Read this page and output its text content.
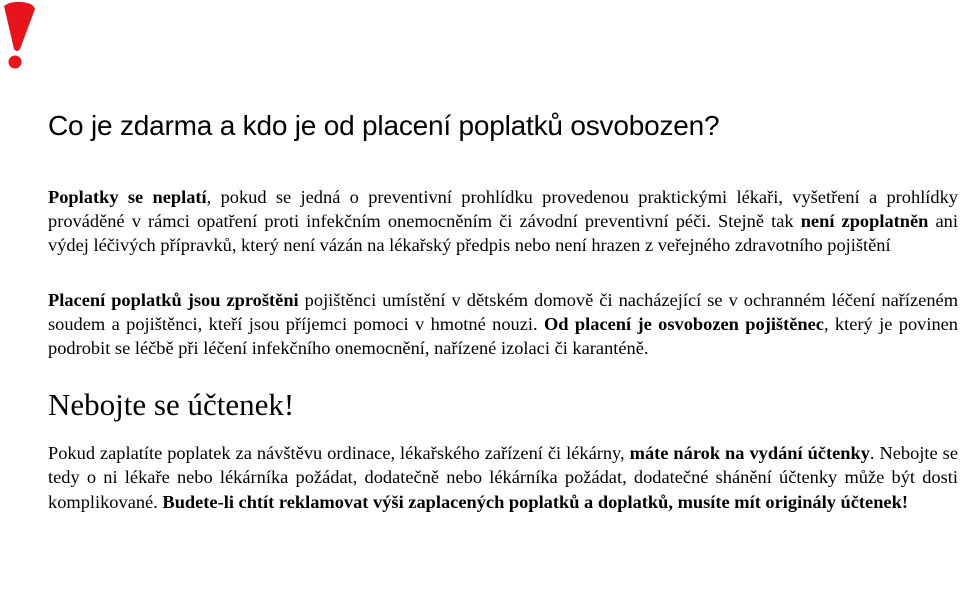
Co je zdarma a kdo je od placení poplatků osvobozen?

Poplatky se neplatí, pokud se jedná o preventivní prohlídku provedenou praktickými lékaři, vyšetření a prohlídky prováděné v rámci opatření proti infekčním onemocněním či závodní preventivní péči. Stejně tak není zpoplatněn ani výdej léčivých přípravků, který není vázán na lékařský předpis nebo není hrazen z veřejného zdravotního pojištění

Placení poplatků jsou zproštěni pojištěnci umístění v dětském domově či nacházející se v ochranném léčení nařízeném soudem a pojištěnci, kteří jsou příjemci pomoci v hmotné nouzi. Od placení je osvobozen pojištěnec, který je povinen podrobit se léčbě při léčení infekčního onemocnění, nařízené izolaci či karanténě.

Nebojte se účtenek!

Pokud zaplatíte poplatek za návštěvu ordinace, lékařského zařízení či lékárny, máte nárok na vydání účtenky. Nebojte se tedy o ni lékaře nebo lékárníka požádat, dodatečně nebo lékárníka požádat, dodatečné shánění účtenky může být dosti komplikované. Budete-li chtít reklamovat výši zaplacených poplatků a doplatků, musíte mít originály účtenek!
